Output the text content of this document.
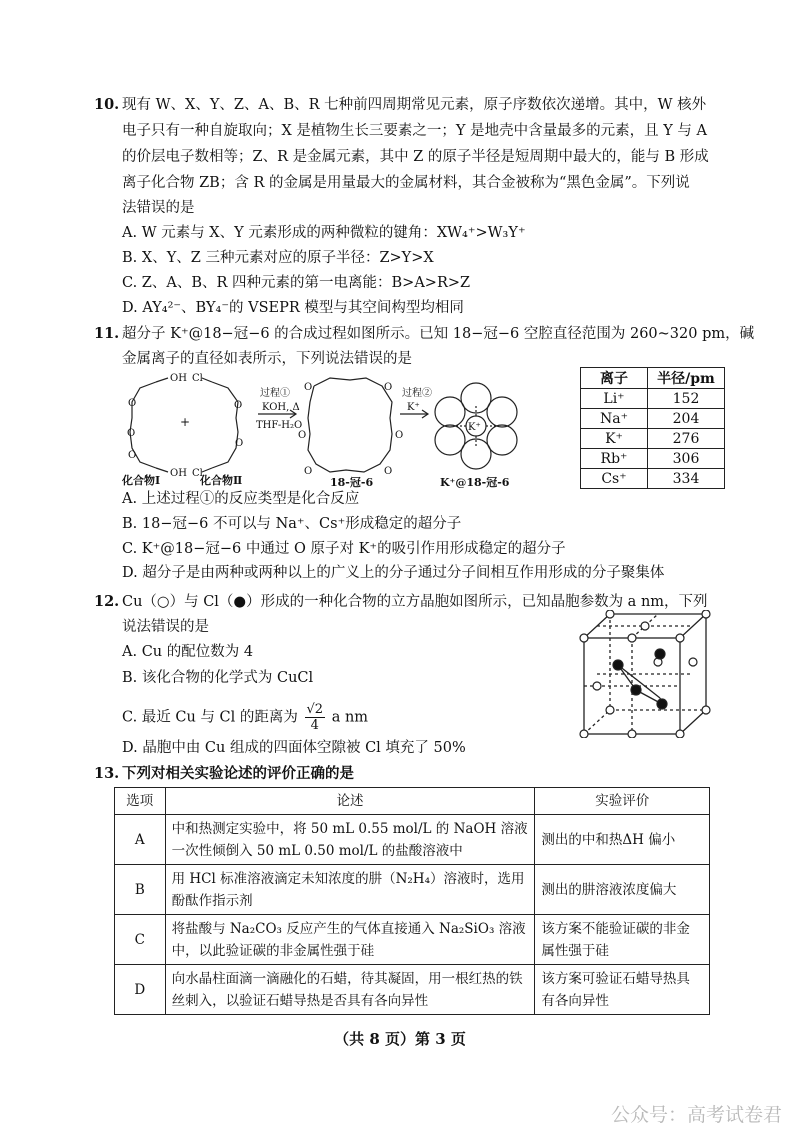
10. 现有 W、X、Y、Z、A、B、R 七种前四周期常见元素，原子序数依次递增。其中，W 核外
电子只有一种自旋取向；X 是植物生长三要素之一；Y 是地壳中含量最多的元素，且 Y 与 A
的价层电子数相等；Z、R 是金属元素，其中 Z 的原子半径是短周期中最大的，能与 B 形成
离子化合物 ZB；含 R 的金属是用量最大的金属材料，其合金被称为“黑色金属”。下列说
法错误的是
A. W 元素与 X、Y 元素形成的两种微粒的键角：XW₄⁺>W₃Y⁺
B. X、Y、Z 三种元素对应的原子半径：Z>Y>X
C. Z、A、B、R 四种元素的第一电离能：B>A>R>Z
D. AY₄²⁻、BY₄⁻的 VSEPR 模型与其空间构型均相同
11. 超分子 K⁺@18−冠−6 的合成过程如图所示。已知 18−冠−6 空腔直径范围为 260~320 pm，碱
金属离子的直径如表所示，下列说法错误的是
OH
OH
O
O
O
Cl
Cl
O
O
+
过程①
KOH, Δ
THF-H₂O
O	O
O
O
O
O
过程②
K⁺
K⁺
化合物Ⅰ	化合物Ⅱ	18-冠-6	K⁺@18-冠-6
离子	半径/pm
Li⁺	152
Na⁺	204
K⁺	276
Rb⁺	306
Cs⁺	334
A. 上述过程①的反应类型是化合反应
B. 18−冠−6 不可以与 Na⁺、Cs⁺形成稳定的超分子
C. K⁺@18−冠−6 中通过 O 原子对 K⁺的吸引作用形成稳定的超分子
D. 超分子是由两种或两种以上的广义上的分子通过分子间相互作用形成的分子聚集体
12. Cu（○）与 Cl（●）形成的一种化合物的立方晶胞如图所示，已知晶胞参数为 a nm，下列
说法错误的是
A. Cu 的配位数为 4
B. 该化合物的化学式为 CuCl
C. 最近 Cu 与 Cl 的距离为 $\frac{√2}{4}$ a nm
D. 晶胞中由 Cu 组成的四面体空隙被 Cl 填充了 50%
13. 下列对相关实验论述的评价正确的是
选项	论述	实验评价
A	中和热测定实验中，将 50 mL 0.55 mol/L 的 NaOH 溶液一次性倾倒入 50 mL 0.50 mol/L 的盐酸溶液中	测出的中和热ΔH 偏小
B	用 HCl 标准溶液滴定未知浓度的肼（N₂H₄）溶液时，选用酚酞作指示剂	测出的肼溶液浓度偏大
C	将盐酸与 Na₂CO₃ 反应产生的气体直接通入 Na₂SiO₃ 溶液中，以此验证碳的非金属性强于硅	该方案不能验证碳的非金属性强于硅
D	向水晶柱面滴一滴融化的石蜡，待其凝固，用一根红热的铁丝刺入，以验证石蜡导热是否具有各向异性	该方案可验证石蜡导热具有各向异性
（共 8 页）第 3 页
公众号：高考试卷君
